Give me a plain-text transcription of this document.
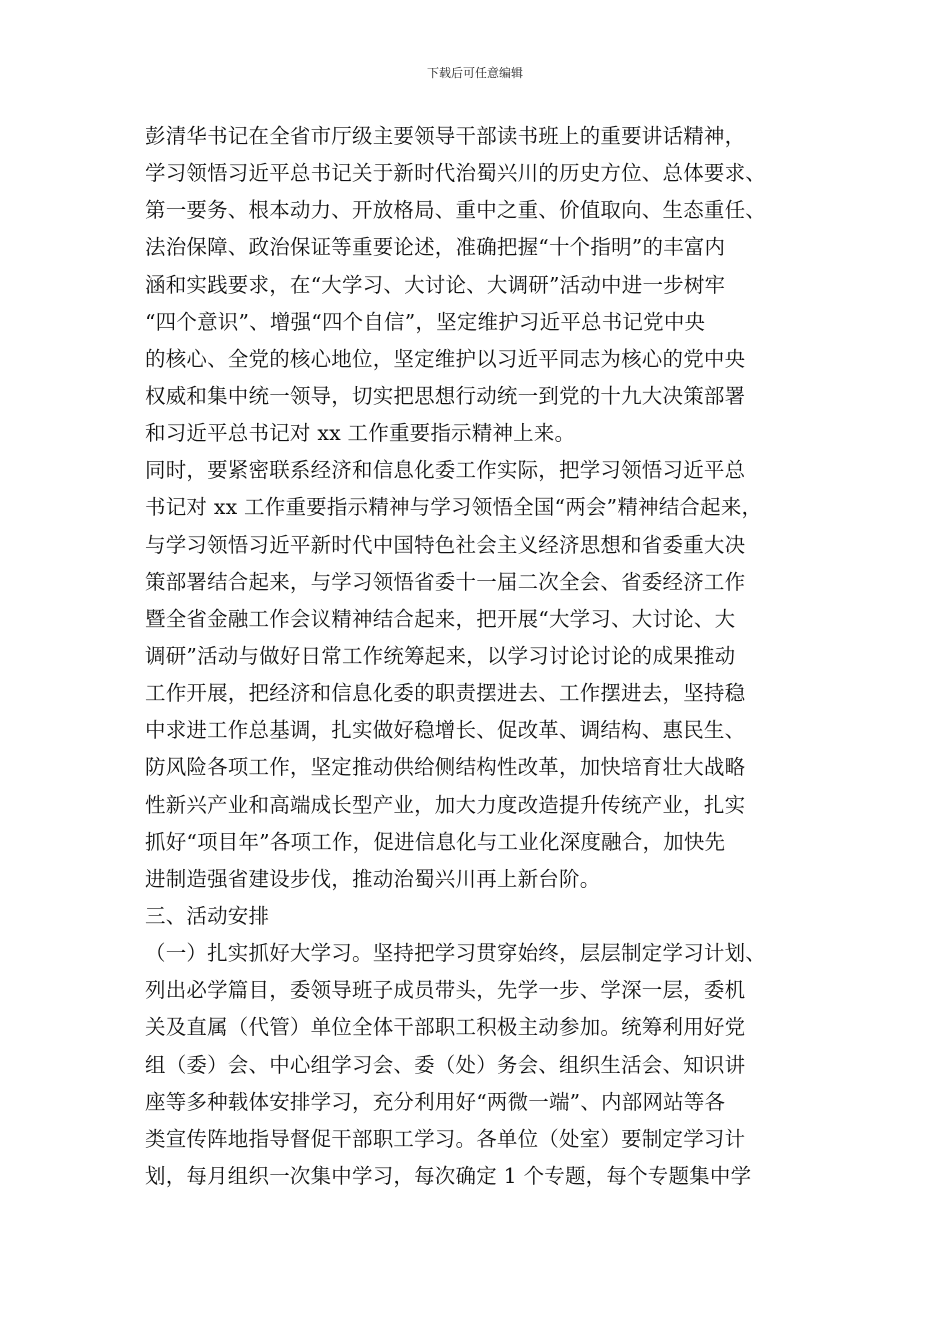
下载后可任意编辑
彭清华书记在全省市厅级主要领导干部读书班上的重要讲话精神，
学习领悟习近平总书记关于新时代治蜀兴川的历史方位、总体要求、
第一要务、根本动力、开放格局、重中之重、价值取向、生态重任、
法治保障、政治保证等重要论述，准确把握“十个指明”的丰富内
涵和实践要求，在“大学习、大讨论、大调研”活动中进一步树牢
“四个意识”、增强“四个自信”，坚定维护习近平总书记党中央
的核心、全党的核心地位，坚定维护以习近平同志为核心的党中央
权威和集中统一领导，切实把思想行动统一到党的十九大决策部署
和习近平总书记对 xx 工作重要指示精神上来。
同时，要紧密联系经济和信息化委工作实际，把学习领悟习近平总
书记对 xx 工作重要指示精神与学习领悟全国“两会”精神结合起来，
与学习领悟习近平新时代中国特色社会主义经济思想和省委重大决
策部署结合起来，与学习领悟省委十一届二次全会、省委经济工作
暨全省金融工作会议精神结合起来，把开展“大学习、大讨论、大
调研”活动与做好日常工作统筹起来，以学习讨论讨论的成果推动
工作开展，把经济和信息化委的职责摆进去、工作摆进去，坚持稳
中求进工作总基调，扎实做好稳增长、促改革、调结构、惠民生、
防风险各项工作，坚定推动供给侧结构性改革，加快培育壮大战略
性新兴产业和高端成长型产业，加大力度改造提升传统产业，扎实
抓好“项目年”各项工作，促进信息化与工业化深度融合，加快先
进制造强省建设步伐，推动治蜀兴川再上新台阶。
三、活动安排
（一）扎实抓好大学习。坚持把学习贯穿始终，层层制定学习计划、
列出必学篇目，委领导班子成员带头，先学一步、学深一层，委机
关及直属（代管）单位全体干部职工积极主动参加。统筹利用好党
组（委）会、中心组学习会、委（处）务会、组织生活会、知识讲
座等多种载体安排学习，充分利用好“两微一端”、内部网站等各
类宣传阵地指导督促干部职工学习。各单位（处室）要制定学习计
划，每月组织一次集中学习，每次确定 1 个专题，每个专题集中学
